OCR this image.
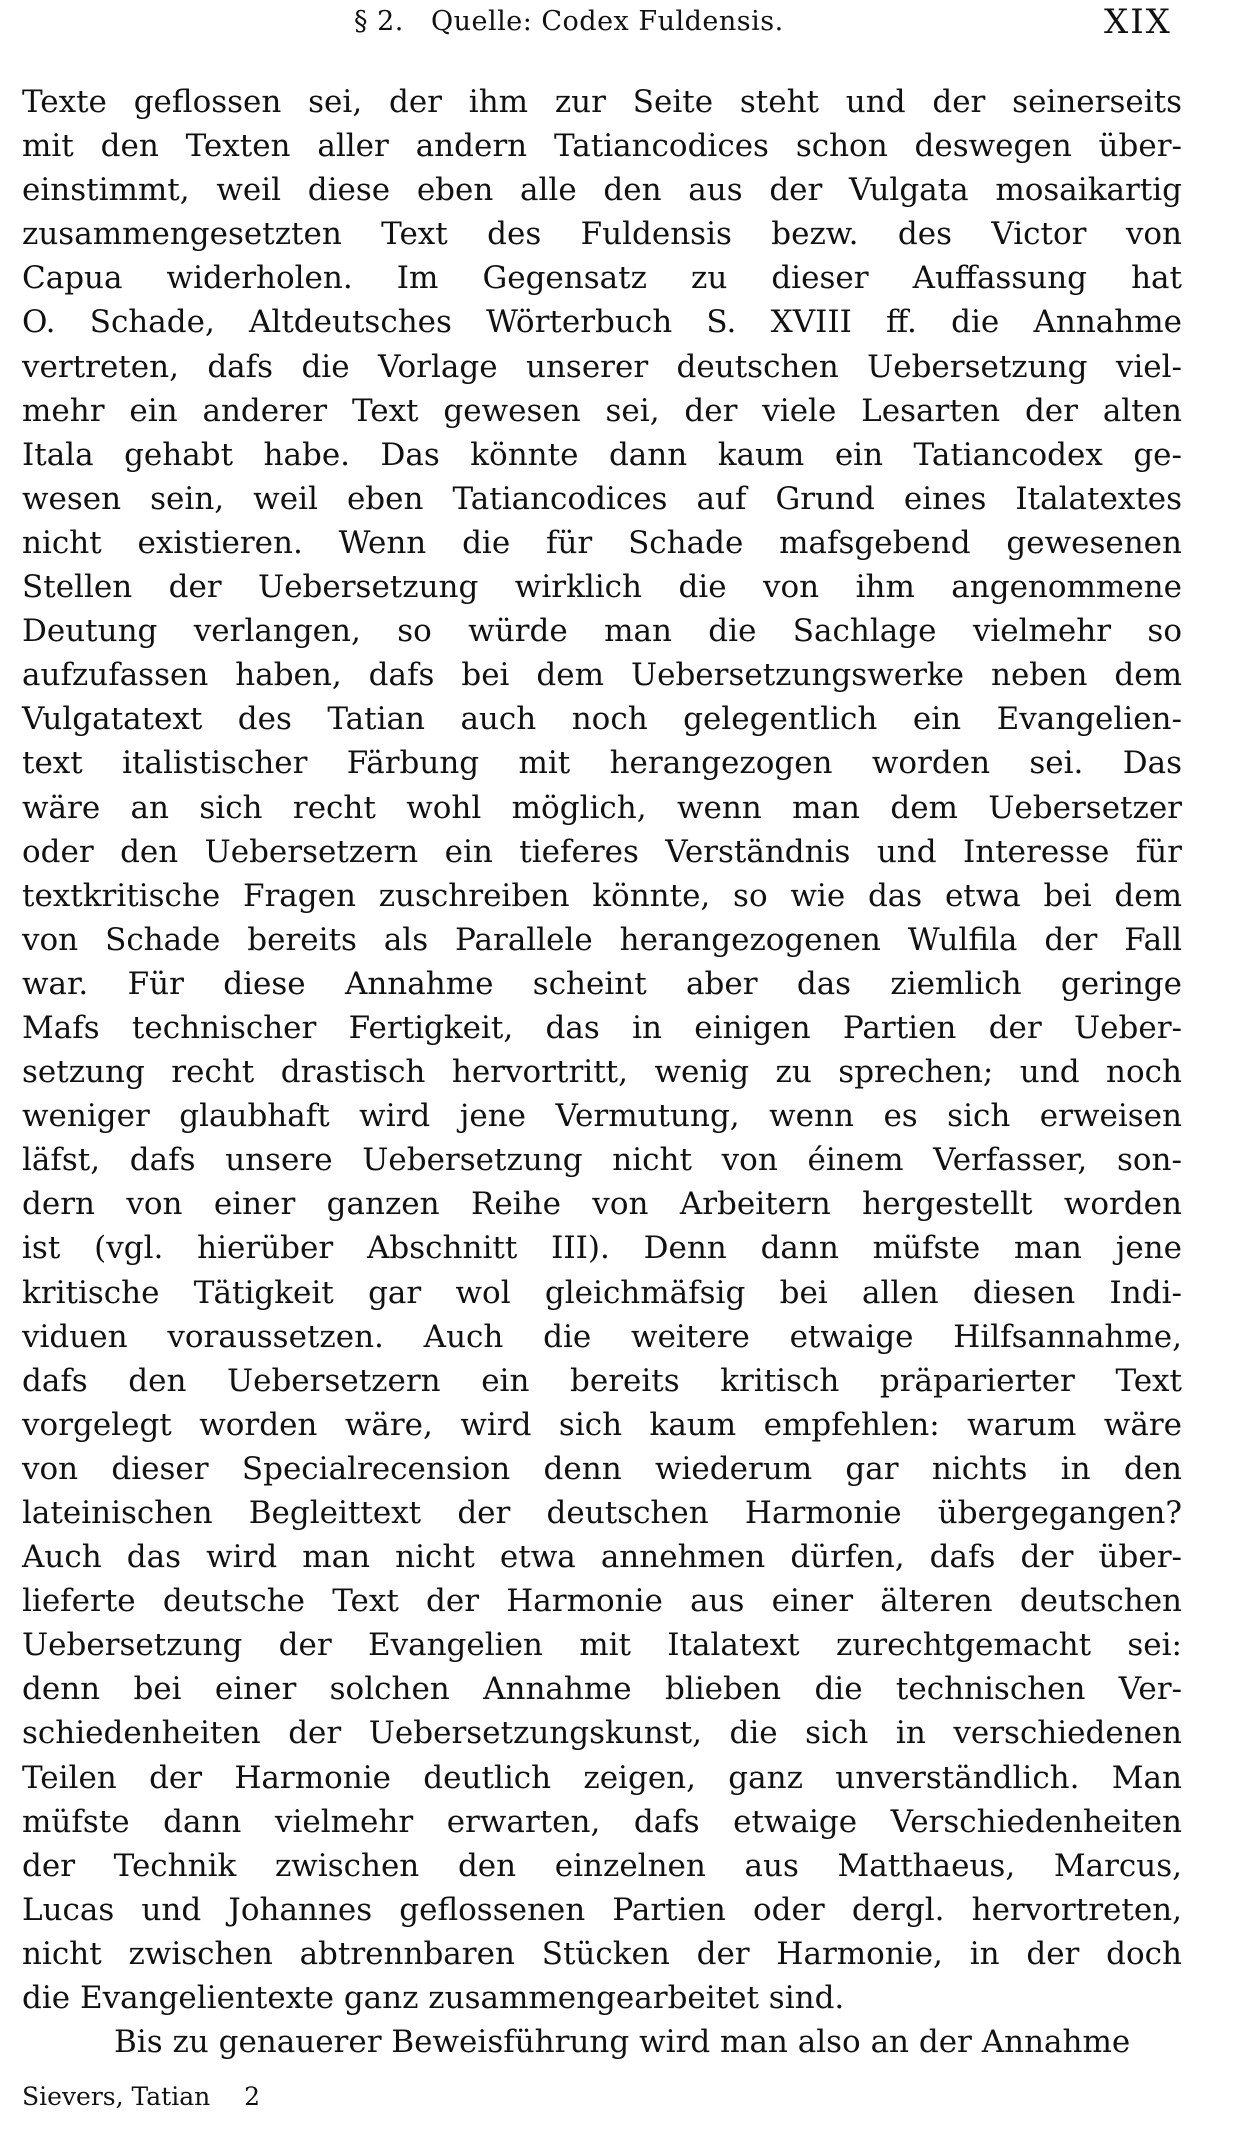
§ 2. Quelle: Codex Fuldensis.	XIX
Texte geflossen sei, der ihm zur Seite steht und der seinerseits
mit den Texten aller andern Tatiancodices schon deswegen über-
einstimmt, weil diese eben alle den aus der Vulgata mosaikartig
zusammengesetzten Text des Fuldensis bezw. des Victor von
Capua widerholen. Im Gegensatz zu dieser Auffassung hat
O. Schade, Altdeutsches Wörterbuch S. XVIII ff. die Annahme
vertreten, dafs die Vorlage unserer deutschen Uebersetzung viel-
mehr ein anderer Text gewesen sei, der viele Lesarten der alten
Itala gehabt habe. Das könnte dann kaum ein Tatiancodex ge-
wesen sein, weil eben Tatiancodices auf Grund eines Italatextes
nicht existieren. Wenn die für Schade mafsgebend gewesenen
Stellen der Uebersetzung wirklich die von ihm angenommene
Deutung verlangen, so würde man die Sachlage vielmehr so
aufzufassen haben, dafs bei dem Uebersetzungswerke neben dem
Vulgatatext des Tatian auch noch gelegentlich ein Evangelien-
text italistischer Färbung mit herangezogen worden sei. Das
wäre an sich recht wohl möglich, wenn man dem Uebersetzer
oder den Uebersetzern ein tieferes Verständnis und Interesse für
textkritische Fragen zuschreiben könnte, so wie das etwa bei dem
von Schade bereits als Parallele herangezogenen Wulfila der Fall
war. Für diese Annahme scheint aber das ziemlich geringe
Mafs technischer Fertigkeit, das in einigen Partien der Ueber-
setzung recht drastisch hervortritt, wenig zu sprechen; und noch
weniger glaubhaft wird jene Vermutung, wenn es sich erweisen
läfst, dafs unsere Uebersetzung nicht von éinem Verfasser, son-
dern von einer ganzen Reihe von Arbeitern hergestellt worden
ist (vgl. hierüber Abschnitt III). Denn dann müfste man jene
kritische Tätigkeit gar wol gleichmäfsig bei allen diesen Indi-
viduen voraussetzen. Auch die weitere etwaige Hilfsannahme,
dafs den Uebersetzern ein bereits kritisch präparierter Text
vorgelegt worden wäre, wird sich kaum empfehlen: warum wäre
von dieser Specialrecension denn wiederum gar nichts in den
lateinischen Begleittext der deutschen Harmonie übergegangen?
Auch das wird man nicht etwa annehmen dürfen, dafs der über-
lieferte deutsche Text der Harmonie aus einer älteren deutschen
Uebersetzung der Evangelien mit Italatext zurechtgemacht sei:
denn bei einer solchen Annahme blieben die technischen Ver-
schiedenheiten der Uebersetzungskunst, die sich in verschiedenen
Teilen der Harmonie deutlich zeigen, ganz unverständlich. Man
müfste dann vielmehr erwarten, dafs etwaige Verschiedenheiten
der Technik zwischen den einzelnen aus Matthaeus, Marcus,
Lucas und Johannes geflossenen Partien oder dergl. hervortreten,
nicht zwischen abtrennbaren Stücken der Harmonie, in der doch
die Evangelientexte ganz zusammengearbeitet sind.
Bis zu genauerer Beweisführung wird man also an der Annahme
Sievers, Tatian 2
